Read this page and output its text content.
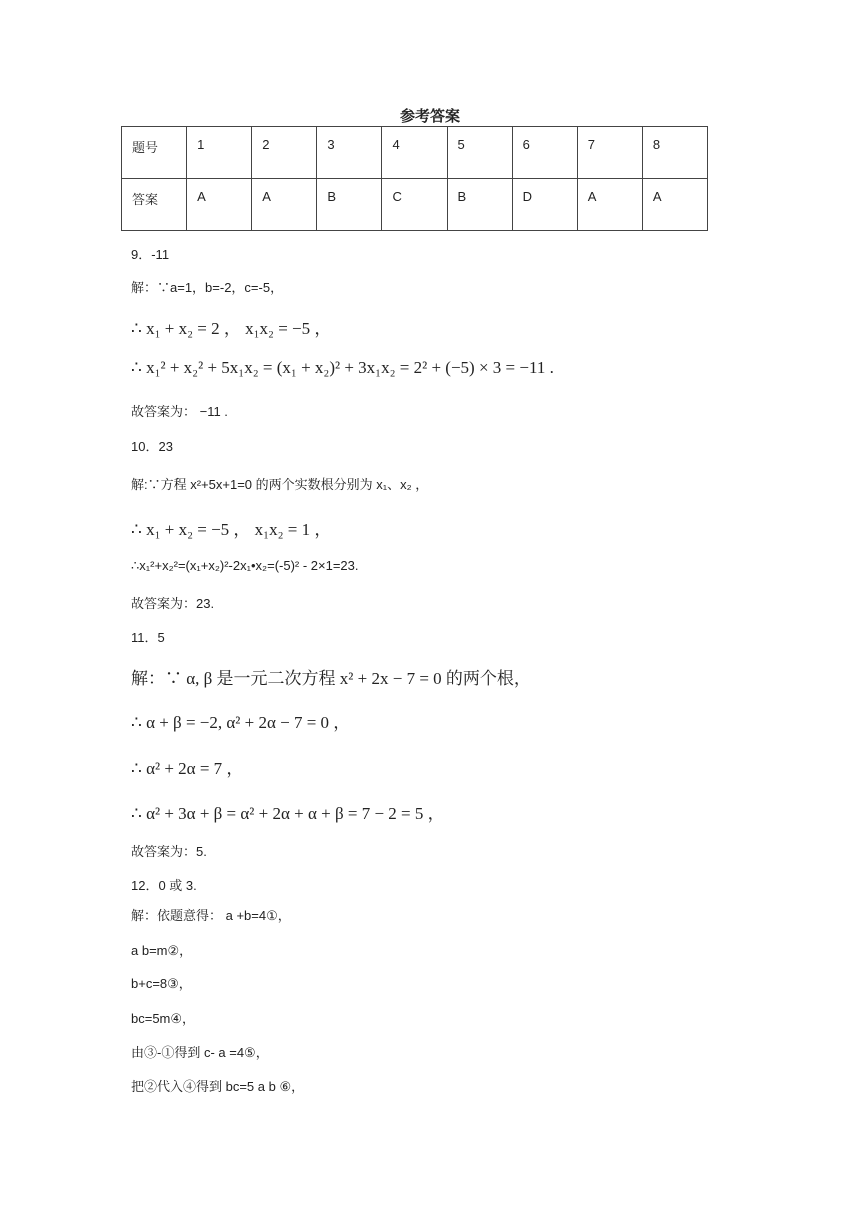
参考答案
题号	1	2	3	4	5	6	7	8
答案	A	A	B	C	B	D	A	A
9．-11
解：∵a=1，b=-2，c=-5，
∴ x₁ + x₂ = 2 ， x₁x₂ = −5 ，
∴ x₁² + x₂² + 5x₁x₂ = (x₁ + x₂)² + 3x₁x₂ = 2² + (−5) × 3 = −11 .
故答案为： −11 .
10．23
解:∵方程 x²+5x+1=0 的两个实数根分别为 x₁、x₂ ，
∴ x₁ + x₂ = −5 ， x₁x₂ = 1 ，
∴x₁²+x₂²=(x₁+x₂)²-2x₁•x₂=(-5)² - 2×1=23.
故答案为：23.
11．5
解：∵ α, β 是一元二次方程 x² + 2x − 7 = 0 的两个根，
∴ α + β = −2, α² + 2α − 7 = 0 ，
∴ α² + 2α = 7 ，
∴ α² + 3α + β = α² + 2α + α + β = 7 − 2 = 5 ，
故答案为：5.
12．0 或 3.
解：依题意得： a +b=4①，
a b=m②，
b+c=8③，
bc=5m④，
由③-①得到 c- a =4⑤，
把②代入④得到 bc=5 a b ⑥，
